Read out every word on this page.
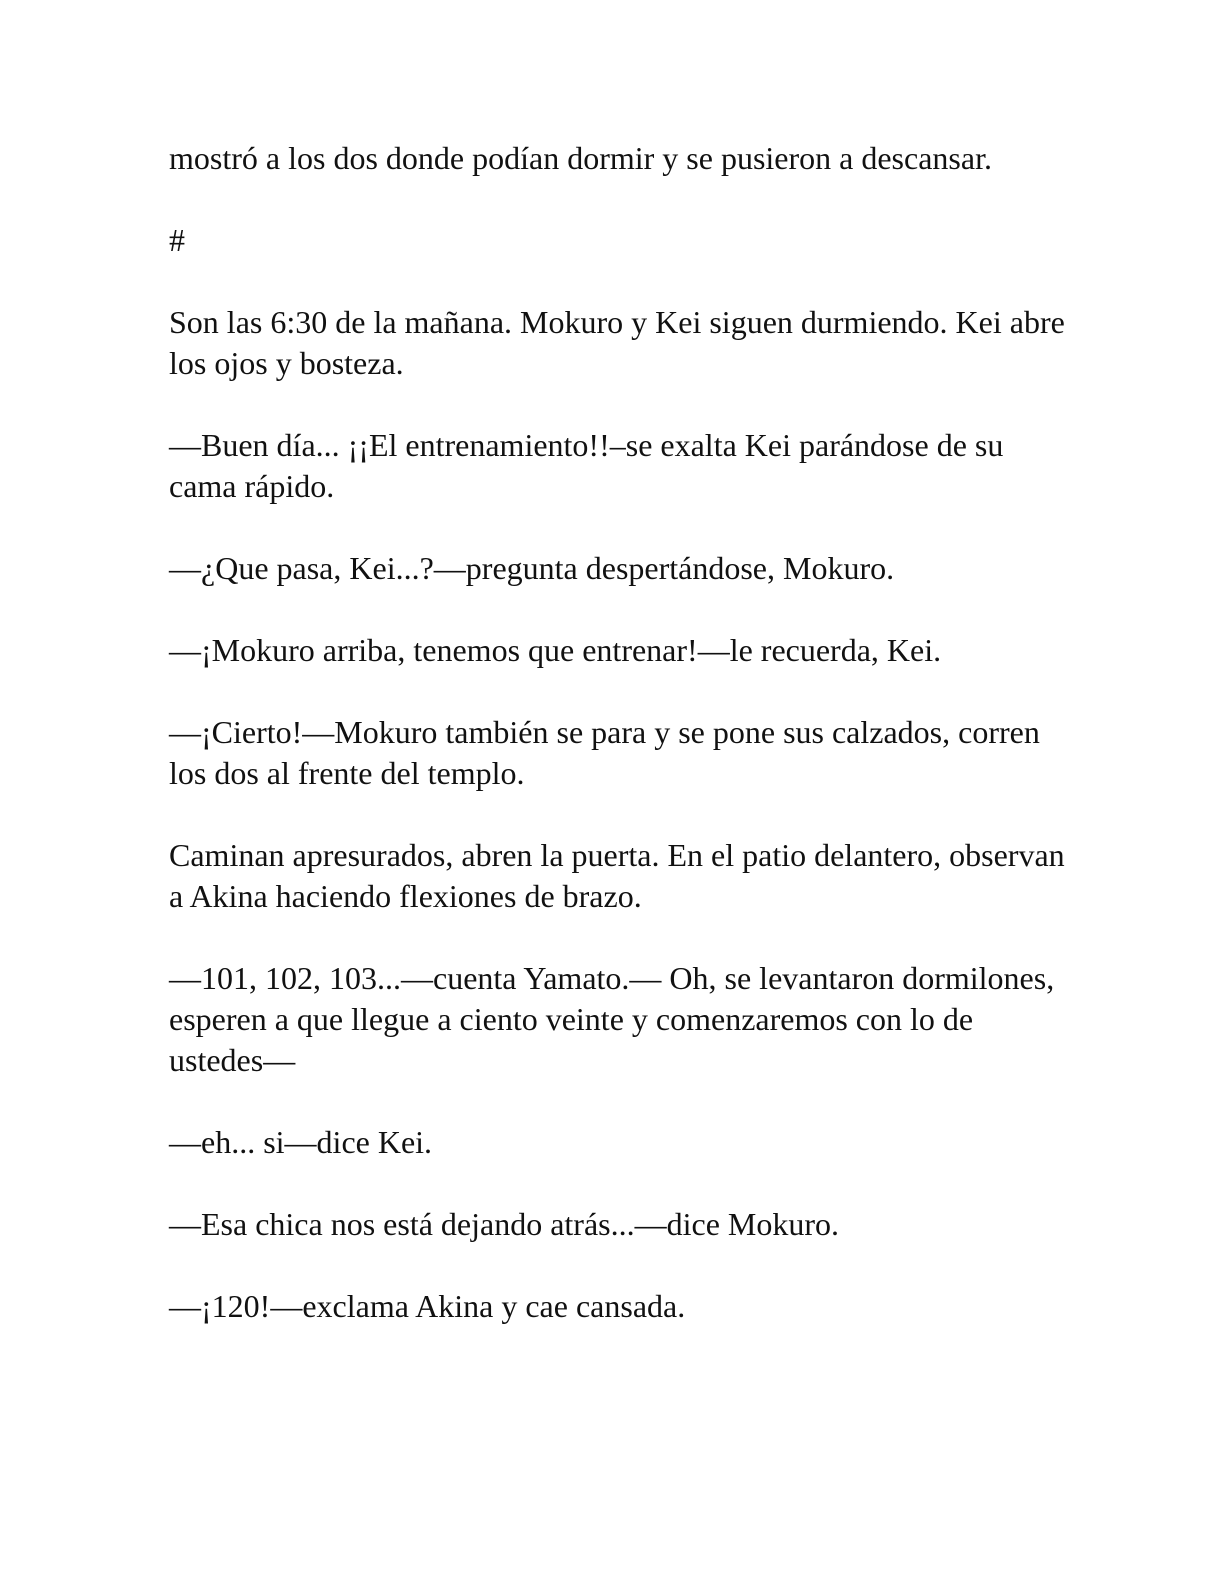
mostró a los dos donde podían dormir y se pusieron a descansar.

#

Son las 6:30 de la mañana. Mokuro y Kei siguen durmiendo. Kei abre los ojos y bosteza.

—Buen día... ¡¡El entrenamiento!!–se exalta Kei parándose de su cama rápido.

—¿Que pasa, Kei...?—pregunta despertándose, Mokuro.

—¡Mokuro arriba, tenemos que entrenar!—le recuerda, Kei.

—¡Cierto!—Mokuro también se para y se pone sus calzados, corren los dos al frente del templo.

Caminan apresurados, abren la puerta. En el patio delantero, observan a Akina haciendo flexiones de brazo.

—101, 102, 103...—cuenta Yamato.— Oh, se levantaron dormilones, esperen a que llegue a ciento veinte y comenzaremos con lo de ustedes—

—eh... si—dice Kei.

—Esa chica nos está dejando atrás...—dice Mokuro.

—¡120!—exclama Akina y cae cansada.
